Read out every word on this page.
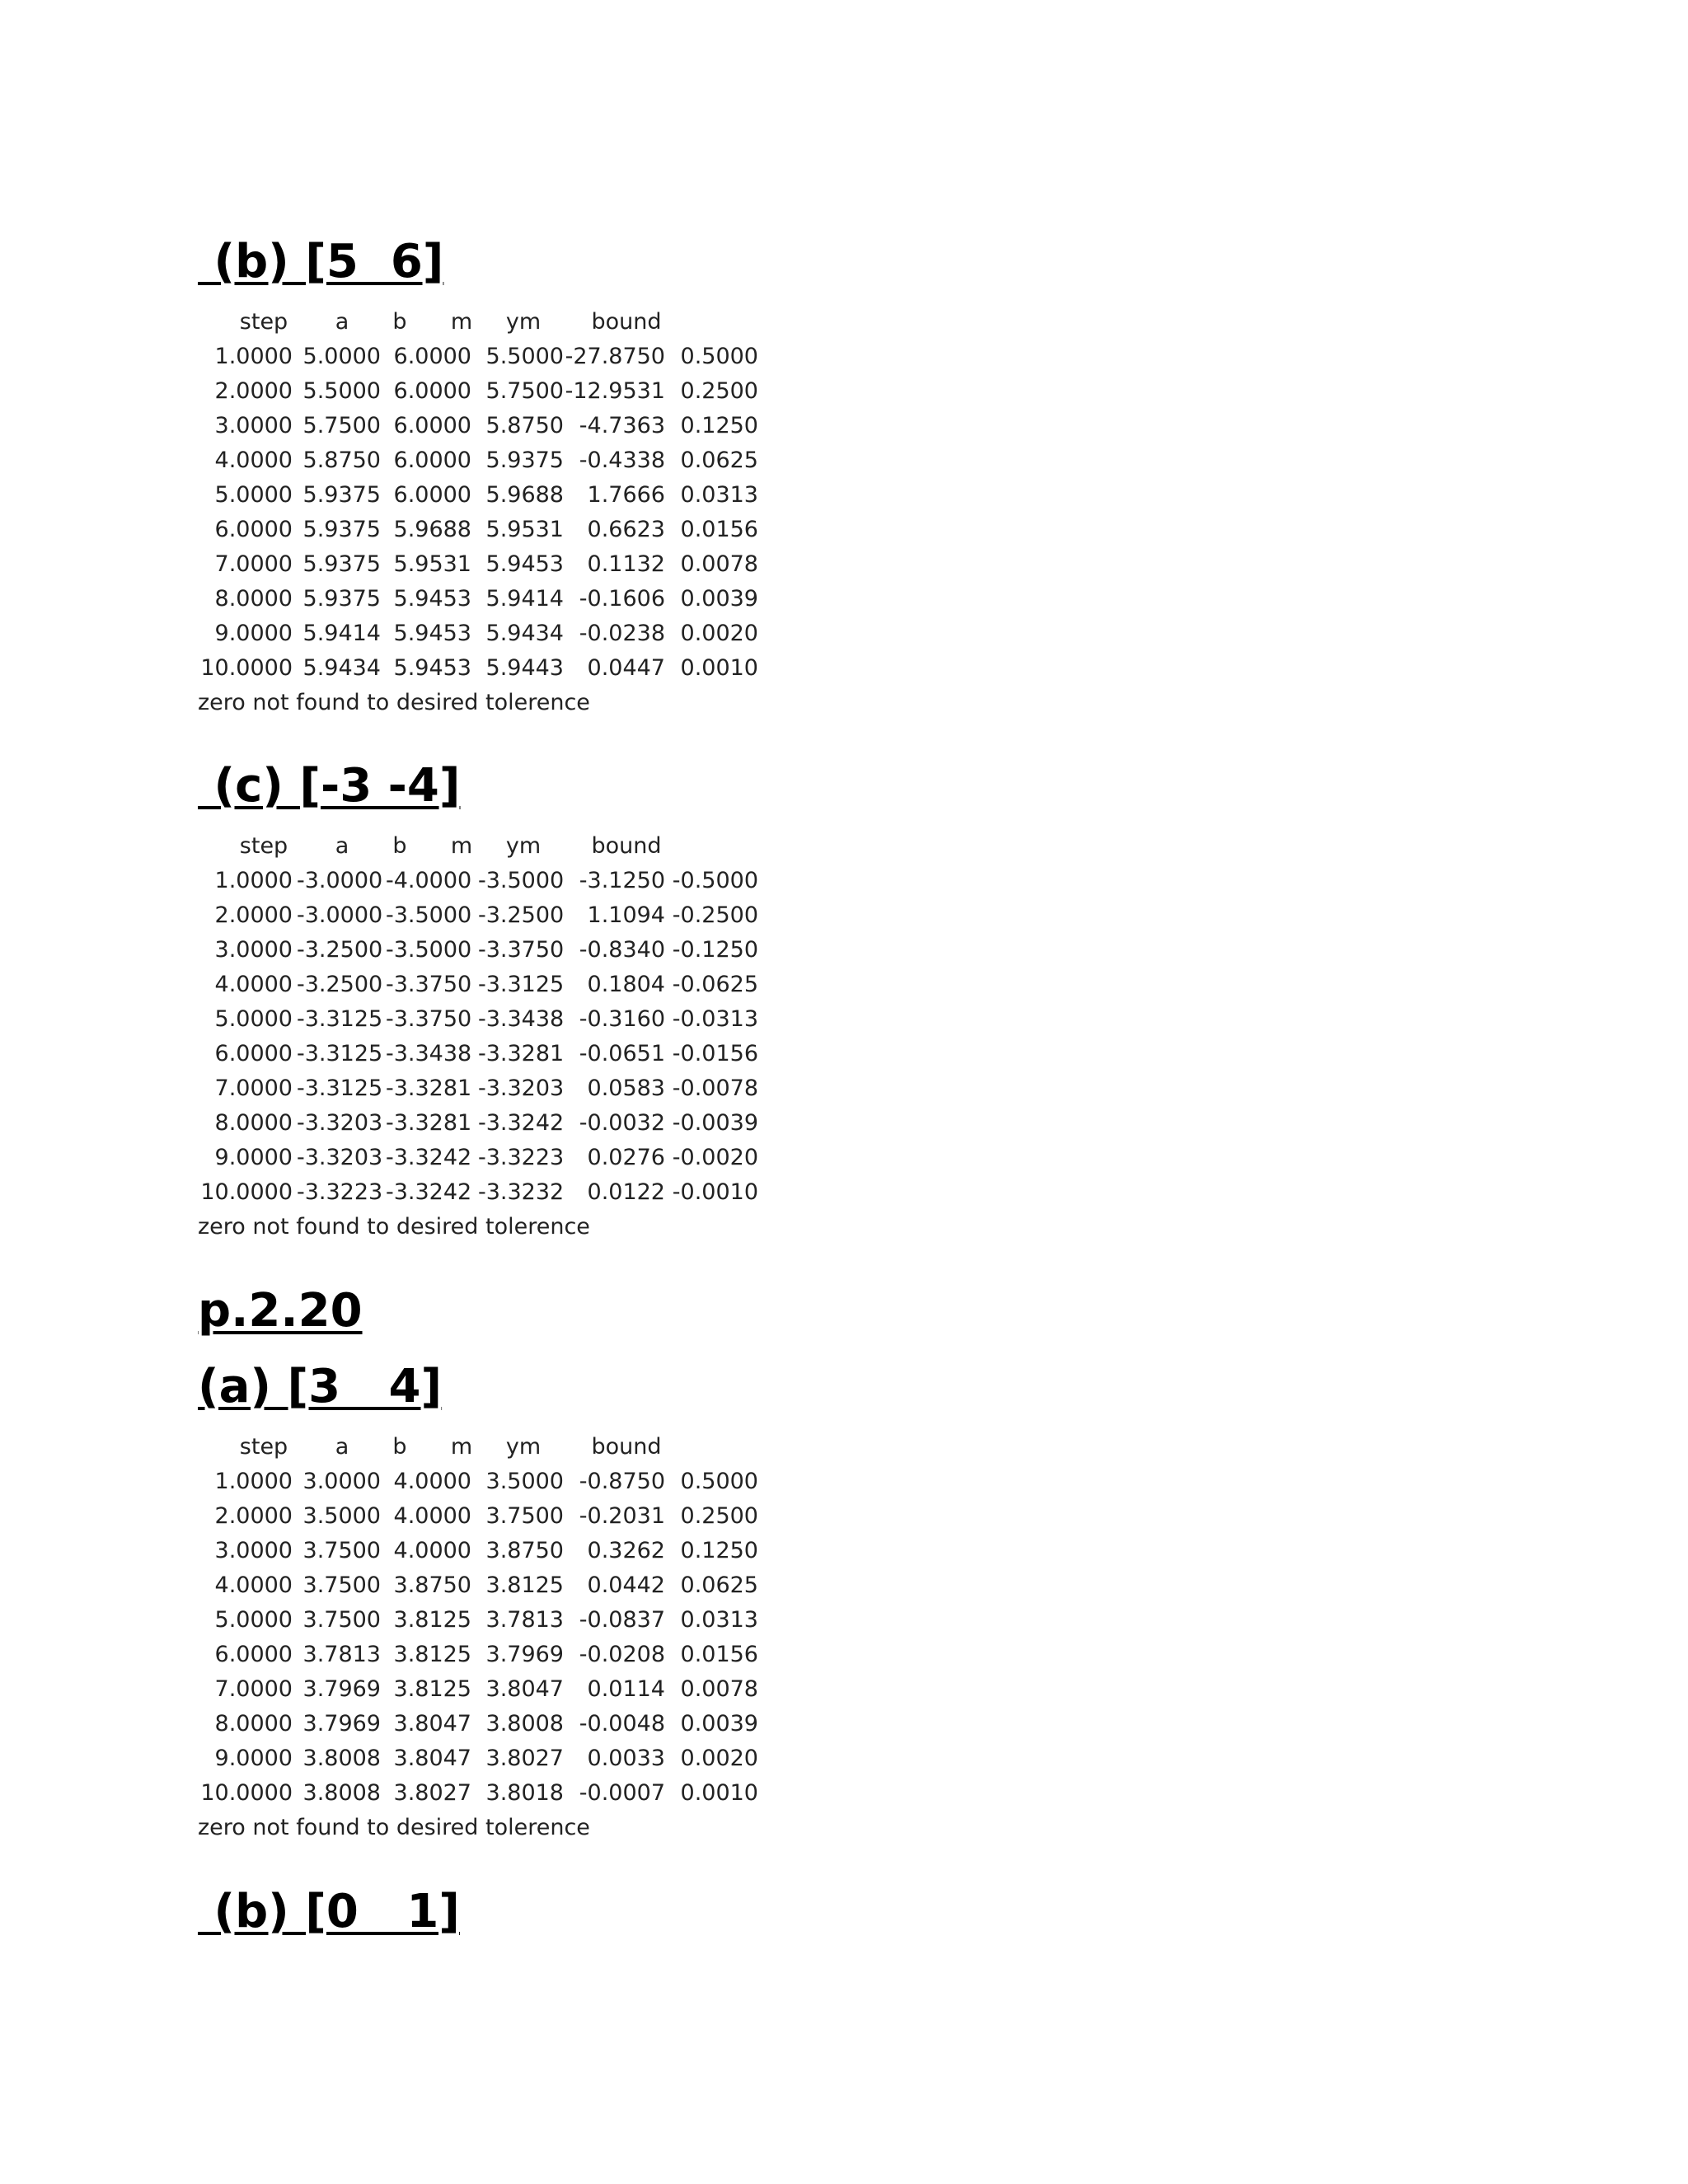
(b) [5  6]
step	a	b	m	ym	bound
1.0000 5.0000 6.0000 5.5000 -27.8750 0.5000
2.0000 5.5000 6.0000 5.7500 -12.9531 0.2500
3.0000 5.7500 6.0000 5.8750 -4.7363 0.1250
4.0000 5.8750 6.0000 5.9375 -0.4338 0.0625
5.0000 5.9375 6.0000 5.9688	1.7666 0.0313
6.0000 5.9375 5.9688 5.9531	0.6623 0.0156
7.0000 5.9375 5.9531 5.9453	0.1132 0.0078
8.0000 5.9375 5.9453 5.9414 -0.1606 0.0039
9.0000 5.9414 5.9453 5.9434 -0.0238 0.0020
10.0000 5.9434 5.9453 5.9443	0.0447 0.0010
zero not found to desired tolerence
(c) [-3 -4]
step	a	b	m	ym	bound
1.0000 -3.0000 -4.0000 -3.5000 -3.1250 -0.5000
2.0000 -3.0000 -3.5000 -3.2500	1.1094 -0.2500
3.0000 -3.2500 -3.5000 -3.3750 -0.8340 -0.1250
4.0000 -3.2500 -3.3750 -3.3125	0.1804 -0.0625
5.0000 -3.3125 -3.3750 -3.3438 -0.3160 -0.0313
6.0000 -3.3125 -3.3438 -3.3281 -0.0651 -0.0156
7.0000 -3.3125 -3.3281 -3.3203	0.0583 -0.0078
8.0000 -3.3203 -3.3281 -3.3242 -0.0032 -0.0039
9.0000 -3.3203 -3.3242 -3.3223	0.0276 -0.0020
10.0000 -3.3223 -3.3242 -3.3232	0.0122 -0.0010
zero not found to desired tolerence
p.2.20
(a) [3   4]
step	a	b	m	ym	bound
1.0000 3.0000 4.0000 3.5000 -0.8750 0.5000
2.0000 3.5000 4.0000 3.7500 -0.2031 0.2500
3.0000 3.7500 4.0000 3.8750	0.3262 0.1250
4.0000 3.7500 3.8750 3.8125	0.0442 0.0625
5.0000 3.7500 3.8125 3.7813 -0.0837 0.0313
6.0000 3.7813 3.8125 3.7969 -0.0208 0.0156
7.0000 3.7969 3.8125 3.8047	0.0114 0.0078
8.0000 3.7969 3.8047 3.8008 -0.0048 0.0039
9.0000 3.8008 3.8047 3.8027	0.0033 0.0020
10.0000 3.8008 3.8027 3.8018 -0.0007 0.0010
zero not found to desired tolerence
(b) [0   1]
